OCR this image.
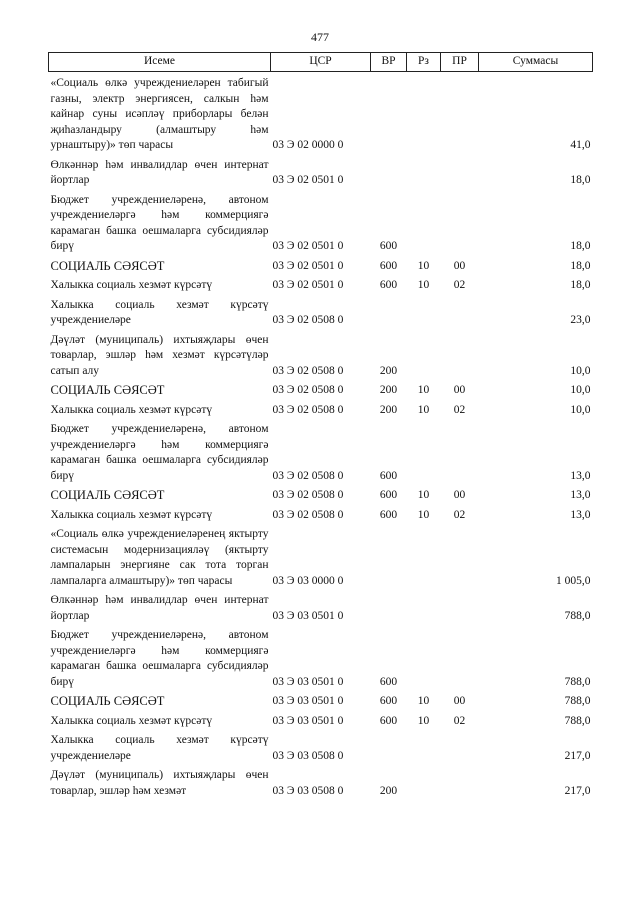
477
Исеме	ЦСР	ВР	Рз	ПР	Суммасы
«Социаль өлкә учреждениеләрен табигый газны, электр энергиясен, салкын һәм кайнар суны исәпләү приборлары белән җиһазландыру (алмаштыру һәм урнаштыру)» төп чарасы	03 Э 02 0000 0				41,0
Өлкәннәр һәм инвалидлар өчен интернат йортлар	03 Э 02 0501 0				18,0
Бюджет учреждениеләренә, автоном учреждениеләргә һәм коммерциягә карамаган башка оешмаларга субсидияләр бирү	03 Э 02 0501 0	600			18,0
СОЦИАЛЬ СӘЯСӘТ	03 Э 02 0501 0	600	10	00	18,0
Халыкка социаль хезмәт күрсәтү	03 Э 02 0501 0	600	10	02	18,0
Халыкка социаль хезмәт күрсәтү учреждениеләре	03 Э 02 0508 0				23,0
Дәүләт (муниципаль) ихтыяҗлары өчен товарлар, эшләр һәм хезмәт күрсәтүләр сатып алу	03 Э 02 0508 0	200			10,0
СОЦИАЛЬ СӘЯСӘТ	03 Э 02 0508 0	200	10	00	10,0
Халыкка социаль хезмәт күрсәтү	03 Э 02 0508 0	200	10	02	10,0
Бюджет учреждениеләренә, автоном учреждениеләргә һәм коммерциягә карамаган башка оешмаларга субсидияләр бирү	03 Э 02 0508 0	600			13,0
СОЦИАЛЬ СӘЯСӘТ	03 Э 02 0508 0	600	10	00	13,0
Халыкка социаль хезмәт күрсәтү	03 Э 02 0508 0	600	10	02	13,0
«Социаль өлкә учреждениеләренең яктырту системасын модернизацияләү (яктырту лампаларын энергияне сак тота торган лампаларга алмаштыру)» төп чарасы	03 Э 03 0000 0				1 005,0
Өлкәннәр һәм инвалидлар өчен интернат йортлар	03 Э 03 0501 0				788,0
Бюджет учреждениеләренә, автоном учреждениеләргә һәм коммерциягә карамаган башка оешмаларга субсидияләр бирү	03 Э 03 0501 0	600			788,0
СОЦИАЛЬ СӘЯСӘТ	03 Э 03 0501 0	600	10	00	788,0
Халыкка социаль хезмәт күрсәтү	03 Э 03 0501 0	600	10	02	788,0
Халыкка социаль хезмәт күрсәтү учреждениеләре	03 Э 03 0508 0				217,0
Дәүләт (муниципаль) ихтыяҗлары өчен товарлар, эшләр һәм хезмәт	03 Э 03 0508 0	200			217,0
